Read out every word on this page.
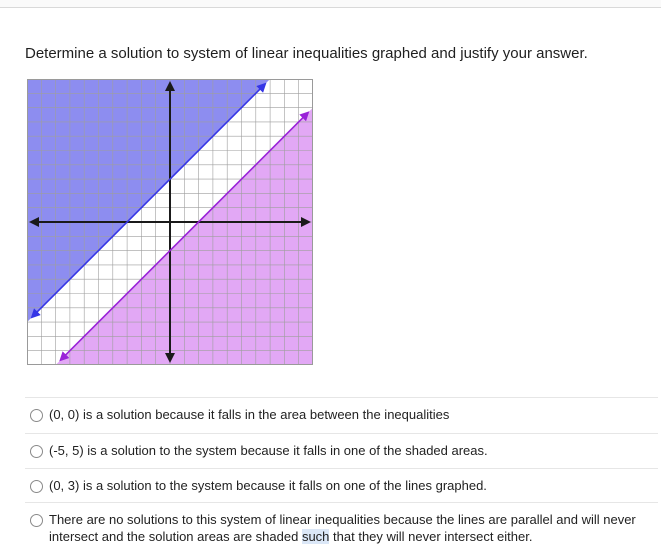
Determine a solution to system of linear inequalities graphed and justify your answer.
(0, 0) is a solution because it falls in the area between the inequalities
(-5, 5) is a solution to the system because it falls in one of the shaded areas.
(0, 3) is a solution to the system because it falls on one of the lines graphed.
There are no solutions to this system of linear inequalities because the lines are parallel and will never intersect and the solution areas are shaded such that they will never intersect either.
